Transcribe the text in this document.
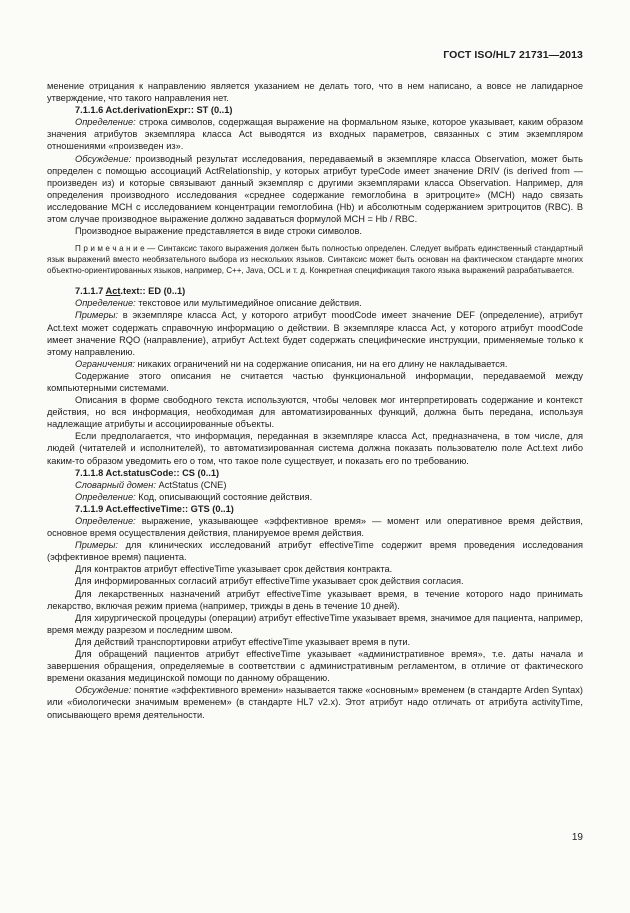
ГОСТ ISO/HL7 21731—2013

менение отрицания к направлению является указанием не делать того, что в нем написано, а вовсе не лапидарное утверждение, что такого направления нет.

7.1.1.6 Act.derivationExpr:: ST (0..1)

Определение: строка символов, содержащая выражение на формальном языке, которое указывает, каким образом значения атрибутов экземпляра класса Act выводятся из входных параметров, связанных с этим экземпляром отношениями «произведен из».

Обсуждение: производный результат исследования, передаваемый в экземпляре класса Observation, может быть определен с помощью ассоциаций ActRelationship, у которых атрибут typeCode имеет значение DRIV (is derived from — произведен из) и которые связывают данный экземпляр с другими экземплярами класса Observation. Например, для определения производного исследования «среднее содержание гемоглобина в эритроците» (MCH) надо связать исследование MCH с исследованием концентрации гемоглобина (Hb) и абсолютным содержанием эритроцитов (RBC). В этом случае производное выражение должно задаваться формулой MCH = Hb / RBC.

Производное выражение представляется в виде строки символов.

П р и м е ч а н и е — Синтаксис такого выражения должен быть полностью определен. Следует выбрать единственный стандартный язык выражений вместо необязательного выбора из нескольких языков. Синтаксис может быть основан на фактическом стандарте многих объектно-ориентированных языков, например, C++, Java, OCL и т. д. Конкретная спецификация такого языка выражений разрабатывается.

7.1.1.7 Act.text:: ED (0..1)

Определение: текстовое или мультимедийное описание действия.

Примеры: в экземпляре класса Act, у которого атрибут moodCode имеет значение DEF (определение), атрибут Act.text может содержать справочную информацию о действии. В экземпляре класса Act, у которого атрибут moodCode имеет значение RQO (направление), атрибут Act.text будет содержать специфические инструкции, применяемые только к этому направлению.

Ограничения: никаких ограничений ни на содержание описания, ни на его длину не накладывается.

Содержание этого описания не считается частью функциональной информации, передаваемой между компьютерными системами.

Описания в форме свободного текста используются, чтобы человек мог интерпретировать содержание и контекст действия, но вся информация, необходимая для автоматизированных функций, должна быть передана, используя надлежащие атрибуты и ассоциированные объекты.

Если предполагается, что информация, переданная в экземпляре класса Act, предназначена, в том числе, для людей (читателей и исполнителей), то автоматизированная система должна показать пользователю поле Act.text либо каким-то образом уведомить его о том, что такое поле существует, и показать его по требованию.

7.1.1.8 Act.statusCode:: CS (0..1)

Словарный домен: ActStatus (CNE)

Определение: Код, описывающий состояние действия.

7.1.1.9 Act.effectiveTime:: GTS (0..1)

Определение: выражение, указывающее «эффективное время» — момент или оперативное время действия, основное время осуществления действия, планируемое время действия.

Примеры: для клинических исследований атрибут effectiveTime содержит время проведения исследования (эффективное время) пациента.

Для контрактов атрибут effectiveTime указывает срок действия контракта.

Для информированных согласий атрибут effectiveTime указывает срок действия согласия.

Для лекарственных назначений атрибут effectiveTime указывает время, в течение которого надо принимать лекарство, включая режим приема (например, трижды в день в течение 10 дней).

Для хирургической процедуры (операции) атрибут effectiveTime указывает время, значимое для пациента, например, время между разрезом и последним швом.

Для действий транспортировки атрибут effectiveTime указывает время в пути.

Для обращений пациентов атрибут effectiveTime указывает «административное время», т.е. даты начала и завершения обращения, определяемые в соответствии с административным регламентом, в отличие от фактического времени оказания медицинской помощи по данному обращению.

Обсуждение: понятие «эффективного времени» называется также «основным» временем (в стандарте Arden Syntax) или «биологически значимым временем» (в стандарте HL7 v2.x). Этот атрибут надо отличать от атрибута activityTime, описывающего время деятельности.

19
